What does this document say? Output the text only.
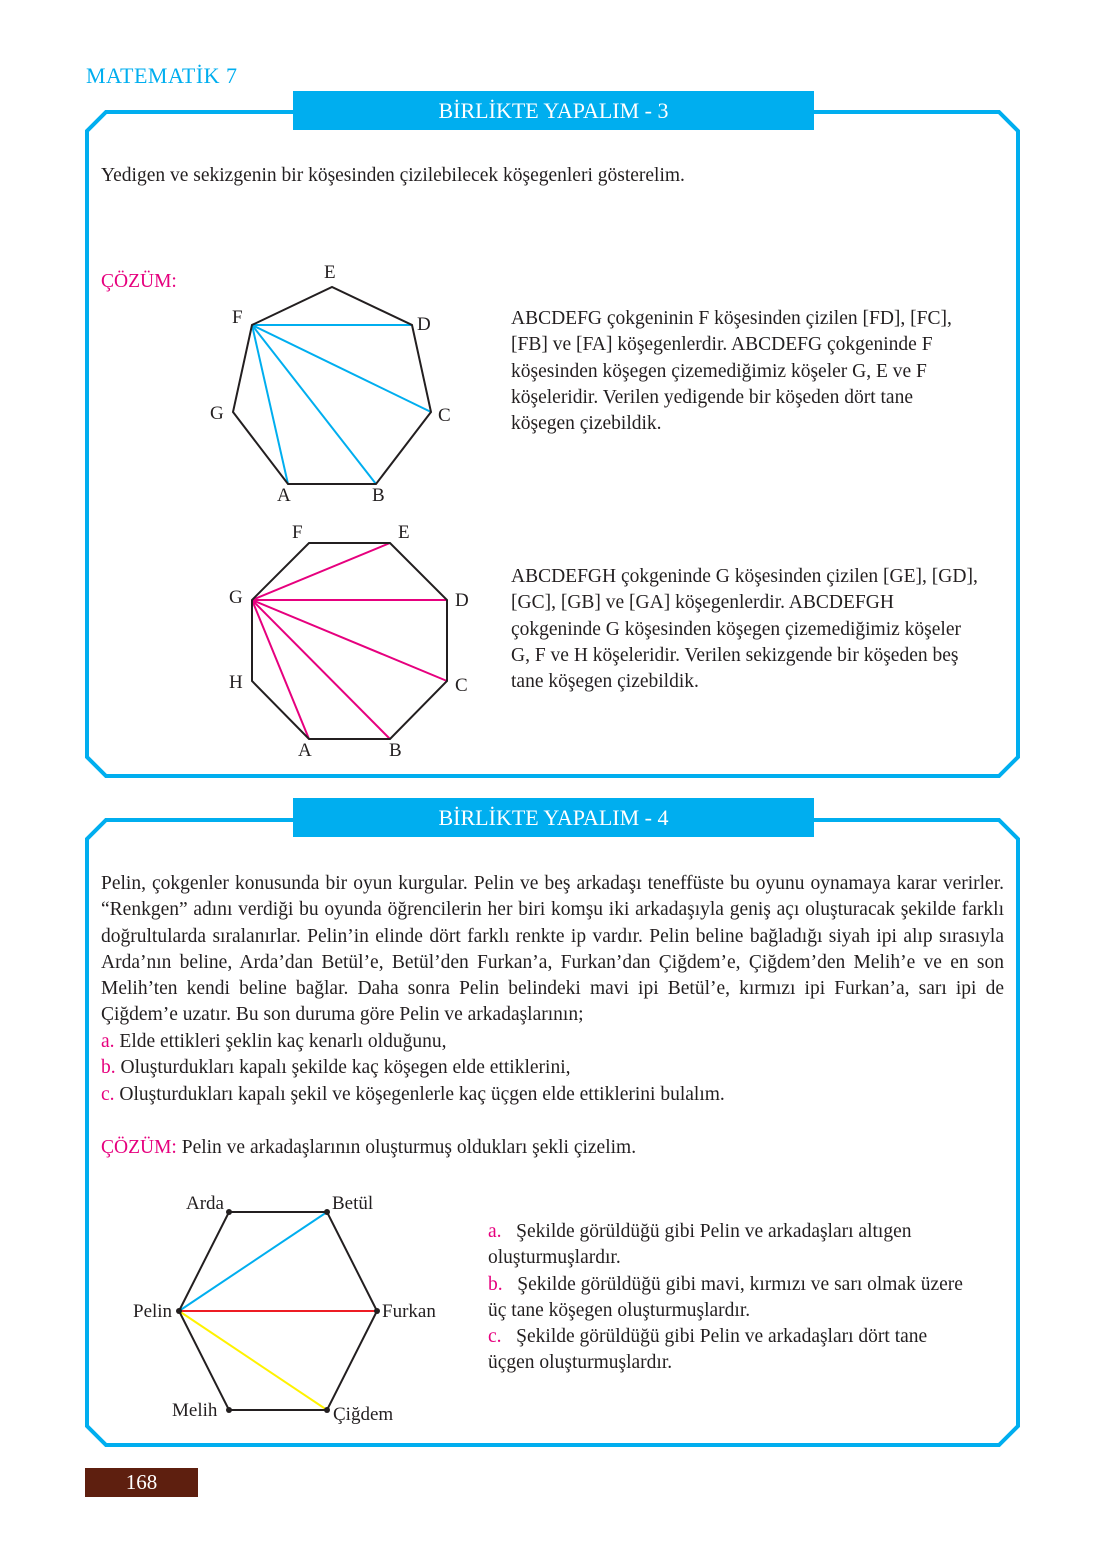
MATEMATİK 7
BİRLİKTE YAPALIM - 3
Yedigen ve sekizgenin bir köşesinden çizilebilecek köşegenleri gösterelim.
ÇÖZÜM:	E
D
C
B
A
G
F	ABCDEFG çokgeninin F köşesinden çizilen [FD], [FC], [FB] ve [FA] köşegenlerdir. ABCDEFG çokgeninde F köşesinden köşegen çizemediğimiz köşeler G, E ve F köşeleridir. Verilen yedigende bir köşeden dört tane köşegen çizebildik.
F	E
D
C
B
A
H
G
ABCDEFGH çokgeninde G köşesinden çizilen [GE], [GD], [GC], [GB] ve [GA] köşegenlerdir. ABCDEFGH çokgeninde G köşesinden köşegen çizemediğimiz köşeler G, F ve H köşeleridir. Verilen sekizgende bir köşeden beş tane köşegen çizebildik.
BİRLİKTE YAPALIM - 4
Pelin, çokgenler konusunda bir oyun kurgular. Pelin ve beş arkadaşı teneffüste bu oyunu oynamaya karar verirler. “Renkgen” adını verdiği bu oyunda öğrencilerin her biri komşu iki arkadaşıyla geniş açı oluşturacak şekilde farklı doğrultularda sıralanırlar. Pelin’in elinde dört farklı renkte ip vardır. Pelin beline bağladığı siyah ipi alıp sırasıyla Arda’nın beline, Arda’dan Betül’e, Betül’den Furkan’a, Furkan’dan Çiğdem’e, Çiğdem’den Melih’e ve en son Melih’ten kendi beline bağlar. Daha sonra Pelin belindeki mavi ipi Betül’e, kırmızı ipi Furkan’a, sarı ipi de Çiğdem’e uzatır. Bu son duruma göre Pelin ve arkadaşlarının;
a. Elde ettikleri şeklin kaç kenarlı olduğunu,
b. Oluşturdukları kapalı şekilde kaç köşegen elde ettiklerini,
c. Oluşturdukları kapalı şekil ve köşegenlerle kaç üçgen elde ettiklerini bulalım.
ÇÖZÜM: Pelin ve arkadaşlarının oluşturmuş oldukları şekli çizelim.
Arda	Betül
Furkan
Çiğdem
Melih
Pelin
a. Şekilde görüldüğü gibi Pelin ve arkadaşları altıgen oluşturmuşlardır.
b. Şekilde görüldüğü gibi mavi, kırmızı ve sarı olmak üzere üç tane köşegen oluşturmuşlardır.
c. Şekilde görüldüğü gibi Pelin ve arkadaşları dört tane üçgen oluşturmuşlardır.
168
